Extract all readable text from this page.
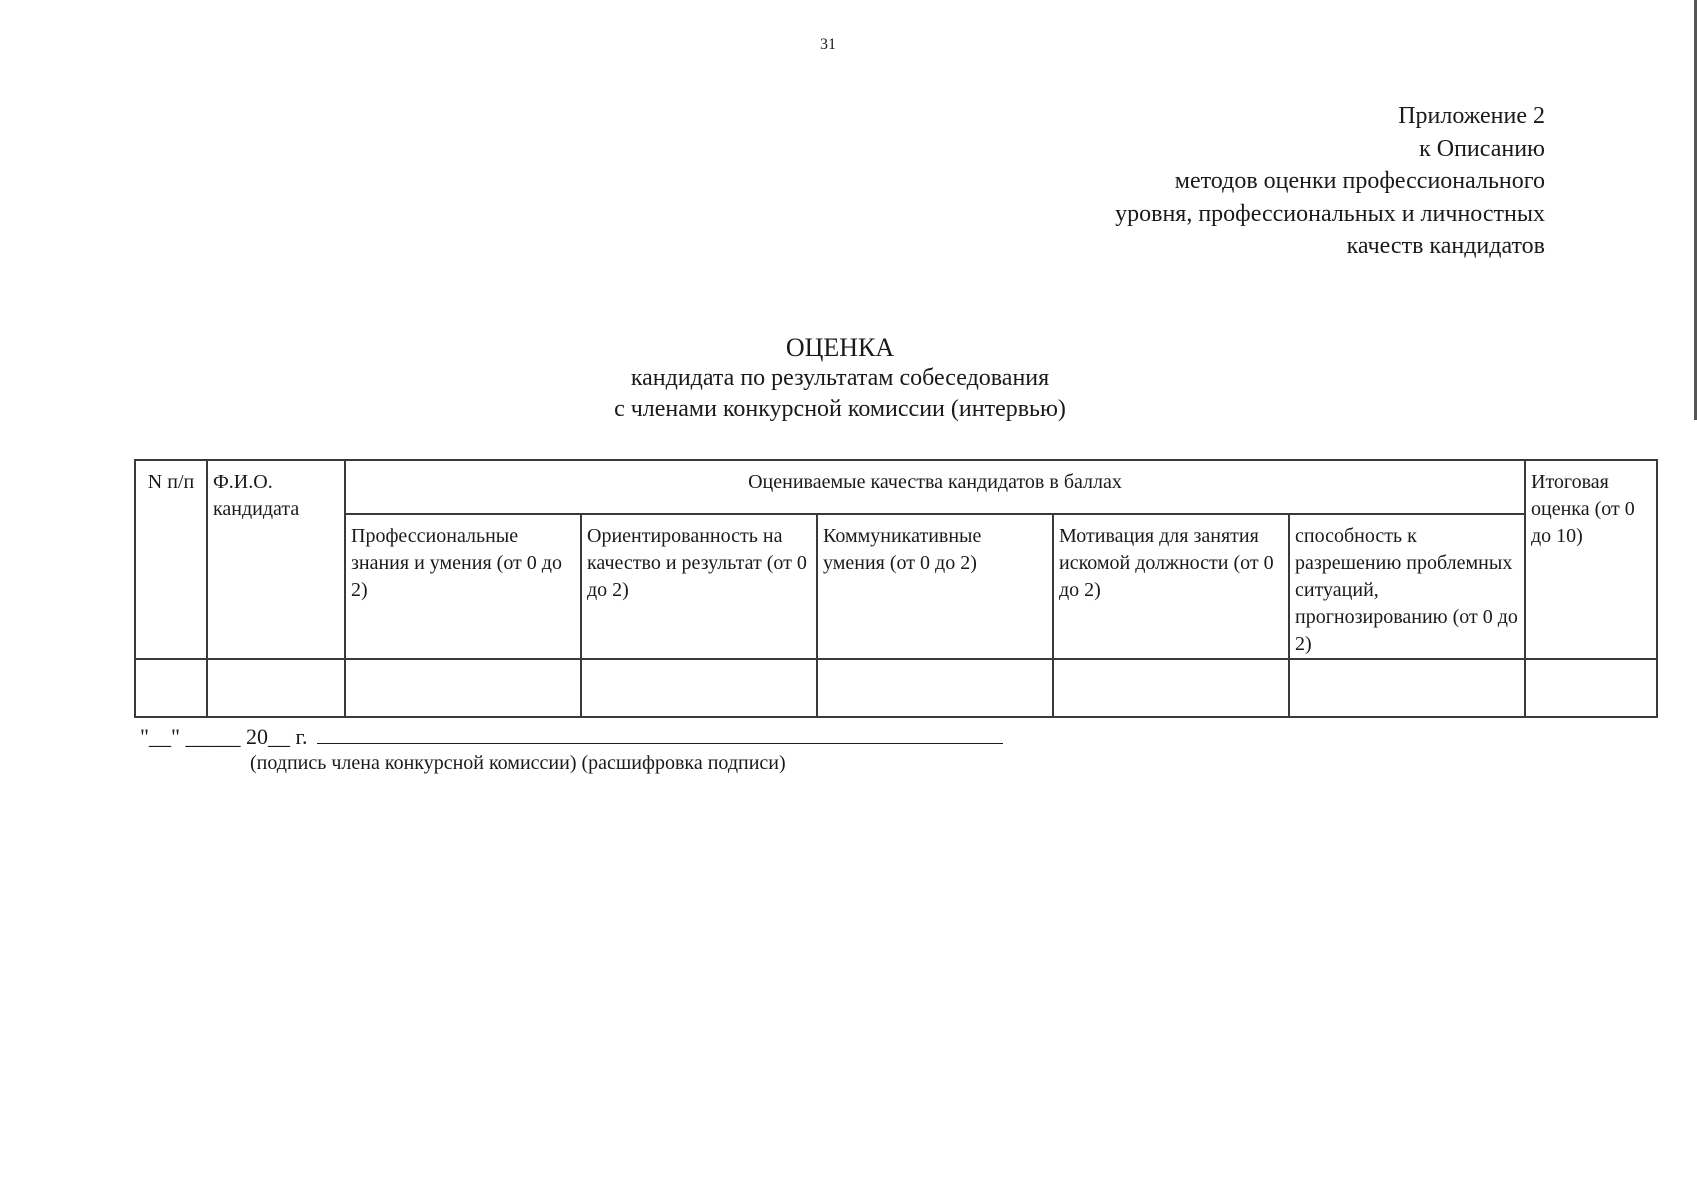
31
Приложение 2
к Описанию
методов оценки профессионального
уровня, профессиональных и личностных
качеств кандидатов
ОЦЕНКА
кандидата по результатам собеседования
с членами конкурсной комиссии (интервью)
N п/п	Ф.И.О. кандидата	Оцениваемые качества кандидатов в баллах					Итоговая оценка (от 0 до 10)
		Профессиональные знания и умения (от 0 до 2)	Ориентированность на качество и результат (от 0 до 2)	Коммуникативные умения (от 0 до 2)	Мотивация для занятия искомой должности (от 0 до 2)	способность к разрешению проблемных ситуаций, прогнозированию (от 0 до 2)	

"__" _____ 20__ г.
(подпись члена конкурсной комиссии) (расшифровка подписи)
